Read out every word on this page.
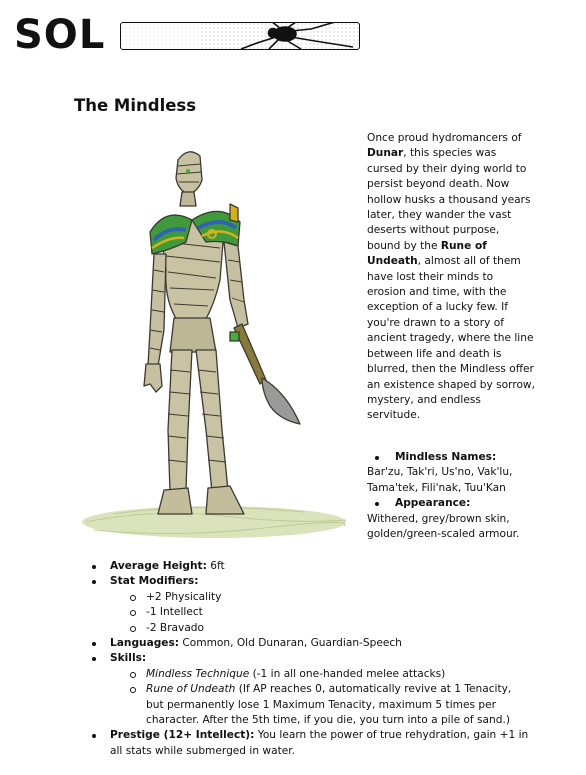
SOL
The Mindless
Once proud hydromancers of Dunar, this species was cursed by their dying world to persist beyond death. Now hollow husks a thousand years later, they wander the vast deserts without purpose, bound by the Rune of Undeath, almost all of them have lost their minds to erosion and time, with the exception of a lucky few. If you're drawn to a story of ancient tragedy, where the line between life and death is blurred, then the Mindless offer an existence shaped by sorrow, mystery, and endless servitude.
Mindless Names:
Bar'zu, Tak'ri, Us'no, Vak'lu, Tama'tek, Fili'nak, Tuu'Kan
Appearance:
Withered, grey/brown skin, golden/green-scaled armour.
Average Height: 6ft
Stat Modifiers:
+2 Physicality
-1 Intellect
-2 Bravado
Languages: Common, Old Dunaran, Guardian-Speech
Skills:
Mindless Technique (-1 in all one-handed melee attacks)
Rune of Undeath (If AP reaches 0, automatically revive at 1 Tenacity, but permanently lose 1 Maximum Tenacity, maximum 5 times per character. After the 5th time, if you die, you turn into a pile of sand.)
Prestige (12+ Intellect): You learn the power of true rehydration, gain +1 in all stats while submerged in water.
